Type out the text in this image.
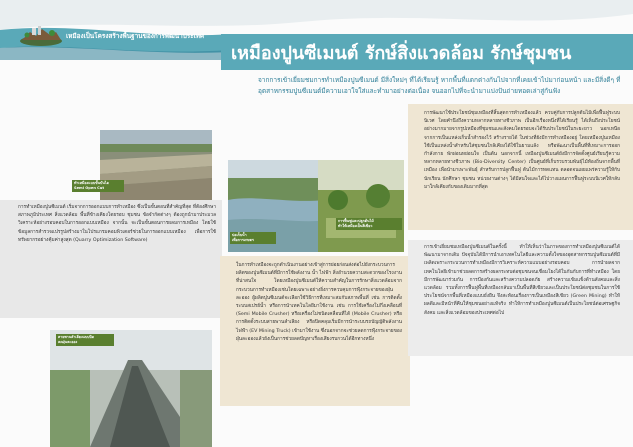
เหมืองเป็นโครงสร้างพื้นฐานของการพัฒนาประเทศ
เหมืองปูนซีเมนต์ รักษ์สิ่งแวดล้อม รักษ์ชุมชน
จากการเข้าเยี่ยมชมการทำเหมืองปูนซีเมนต์ มีสิ่งใหม่ๆ ที่ได้เรียนรู้ หากพื้นที่แตกต่างกันไปจากที่เคยเข้าไปมาก่อนหน้า และมีสิ่งดีๆ ที่อุตสาหกรรมปูนซีเมนต์มีความเอาใจใส่และทำมาอย่างต่อเนื่อง จนออกไปที่จะนำมาแบ่งปันถ่ายทอดเล่าสู่กันฟัง
ทำเหมืองแบบขั้นบันได
Semi Open Cut
การทำเหมืองปูนซีเมนต์ เริ่มจากการออกแบบการทำเหมือง ซึ่งเป็นขั้นตอนที่สำคัญที่สุด ที่ต้องศึกษาสภาพภูมิประเทศ สิ่งแวดล้อม พื้นที่ข้างเคียงโดยรอบ ชุมชน ข้อจำกัดต่างๆ ต้องถูกนำมาประมวลวิเคราะห์อย่างรอบคอบในการออกแบบเหมือง จากนั้น จะเป็นขั้นตอนการผลมการเหมือง โดยใช้ข้อมูลการสำรวจแปรรูปสร้างมาในโปรแกรมคอมพิวเตอร์ช่วยในการออกแบบเหมือง เพื่อการใช้ทรัพยากรอย่างคุ้มค่าสูงสุด (Quarry Optimization Software)
สายพานลำเลียงแบบปิด
ลดฝุ่นละออง
บ่อเก็บน้ำ
เพื่อการเกษตร
การฟื้นฟูและปลูกต้นไม้
ทำให้เหมืองเป็นสีเขียว
ในการทำเหมืองจะถูกดำเนินงานอย่างเข้าสู่การย่อยก่อนส่งต่อไปยังกระบวนการผลิตของปูนซีเมนต์ที่มีการใช้พลังงาน น้ำ ไฟฟ้า สิ่งอำนวยความสะดวกของโรงงานที่น่าสนใจ โดยเหมืองปูนซีเมนต์ให้ความสำคัญในการรักษาสิ่งแวดล้อมจากกระบวนการทำเหมืองเช่นโดยเฉพาะอย่างยิ่งการควบคุมการฟุ้งกระจายของฝุ่นละออง ผู้ผลิตปูนซีเมนต์จะเลือกใช้วิธีการที่เหมาะสมกับสภาพพื้นที่ เช่น การติดตั้งระบบสเปรย์น้ำ หรือการนำเทคโนโลยีมาใช้งาน เช่น การใช้เครื่องโม่กึ่งเคลื่อนที่ (Semi Mobile Crusher) หรือเครื่องโม่ชนิดเคลื่อนที่ได้ (Mobile Crusher) หรือการติดตั้งระบบสายพานลำเลียง หรือปิดคลุมเริ่มมีการนำระบบรถบัญญัติพลังงานไฟฟ้า (EV Mining Truck) เข้ามาใช้งาน ซึ่งนอกจากจะช่วยลดการฟุ้งกระจายของฝุ่นละอองแล้วยังเป็นการช่วยลดปัญหาเรื่องเสียงรบกวนได้อีกทางหนึ่ง
การพัฒนาใช้ประโยชน์ชุมเหมืองที่สิ้นสุดการทำเหมืองแล้ว ควบคู่กับการปลูกต้นไม้เพื่อฟื้นฟูระบบนิเวศ โดยคำนึงถึงความหลากหลายทางชีวภาพ เป็นอีกเรื่องหนึ่งที่ได้เรียนรู้ ได้เห็นถึงประโยชน์อย่างมากมายจากรูปเหมืองที่ชุมชนและสังคมโดยรอบจะได้รับประโยชน์ในระยะยาว นอกเหนือจากการเป็นแหล่งเก็บน้ำสำรองไว้ สร้างรายได้ ในช่วงที่ยังมีการทำเหมืองอยู่ โดยเหมืองปูนเหมืองใช้เป็นแหล่งน้ำสำหรับใส่ชุมชนใกล้เคียงได้ใช้ในยามแล้ง หรือพัฒนาเป็นพื้นที่ที่เหมาะการออกกำลังกาย พักผ่อนหย่อนใจ เป็นต้น นอกจากนี้ เหมืองปูนซีเมนต์ยังมีการจัดตั้งศูนย์เรียนรู้ความหลากหลายทางชีวภาพ (Bio-Diversity Center) เป็นศูนย์ที่เก็บรวบรวมพันธุ์ไม้ท้องถิ่นจากพื้นที่เหมือง เพื่อนำมาเพาะพันธุ์ สำหรับการปลูกฟื้นฟู ต้นไม้การทดแทน ตลอดจนเผยแพร่ความรู้ให้กับนักเรียน นักศึกษา ชุมชน หน่วยงานต่างๆ ได้มีสนใจและได้ไปวางแผนการฟื้นฟูระบบนิเวศให้กลับมาใกล้เคียงกับของเดิมมากที่สุด
การเข้าเยี่ยมชมเหมืองปูนซีเมนต์ในครั้งนี้ ทำให้เห็นว่าในภาพของการทำเหมืองปูนซีเมนต์ได้พัฒนามาจากเดิม ปัจจุบันได้มีการนำเอาเทคโนโลยีและความตั้งใจของอุตสาหกรรมปูนซีเมนต์ที่มีเพลิดเพราะกระบวนการทำเหมืองมีการวิเคราะห์ความแบบอย่างรอบคอบ การนำผลจากเทคโนโลยีเข้ามาช่วยลดการสร้างผลกระทบต่อชุมชนจนเชื่อมโยงได้ในกันกับการที่ทำเหมือง โดยมีการพัฒนาร่วมกัน การป้องกันและสร้างความปลอดภัย สร้างความเข้มแข็งด้านสังคมและสิ่งแวดล้อม รวมทั้งการฟื้นฟูพื้นที่เหมืองกลับมาเป็นพื้นที่สีเขียวและเป็นประโยชน์ต่อชุมชนในการใช้ประโยชน์จากพื้นที่เหมืองแบบยั่งยืน จึงสะท้อนเรื่องการเป็นเหมืองสีเขียว (Green Mining) ทำให้ผลดีและมีหน้าที่คืนให้ชุมชนอย่างแท้จริง ทำให้การทำเหมืองปูนซีเมนต์เป็นประโยชน์ต่อเศรษฐกิจ สังคม และสิ่งแวดล้อมของประเทศต่อไป
